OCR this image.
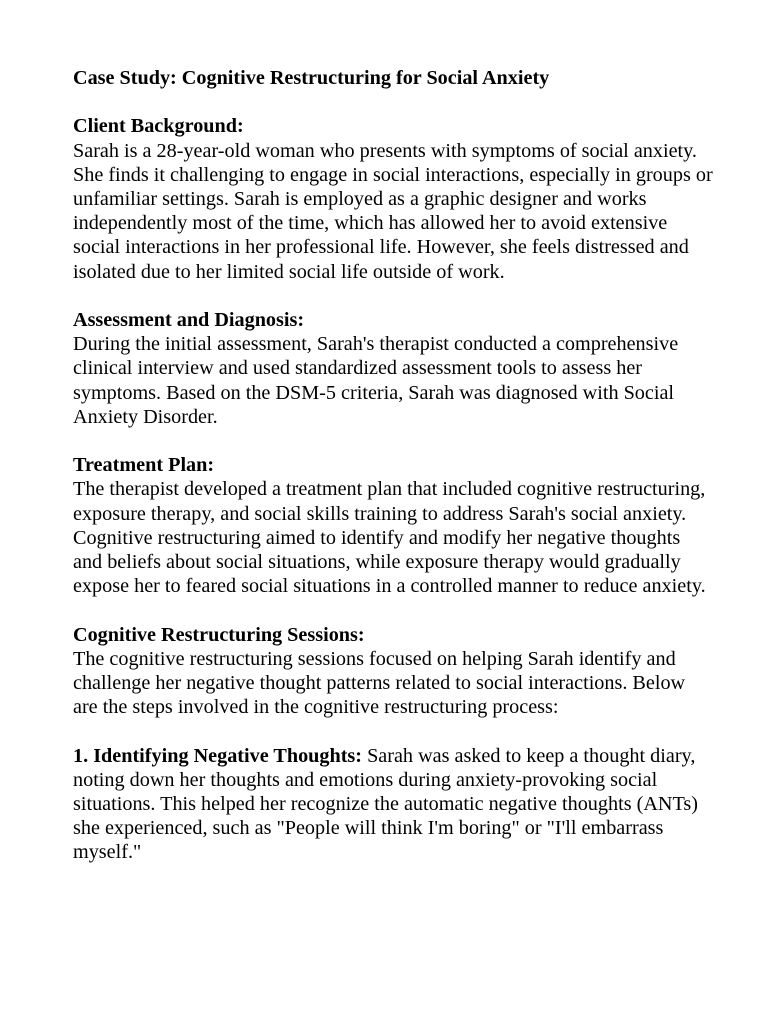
Case Study: Cognitive Restructuring for Social Anxiety

Client Background:
Sarah is a 28-year-old woman who presents with symptoms of social anxiety. She finds it challenging to engage in social interactions, especially in groups or unfamiliar settings. Sarah is employed as a graphic designer and works independently most of the time, which has allowed her to avoid extensive social interactions in her professional life. However, she feels distressed and isolated due to her limited social life outside of work.
Assessment and Diagnosis:
During the initial assessment, Sarah's therapist conducted a comprehensive clinical interview and used standardized assessment tools to assess her symptoms. Based on the DSM-5 criteria, Sarah was diagnosed with Social Anxiety Disorder.
Treatment Plan:
The therapist developed a treatment plan that included cognitive restructuring, exposure therapy, and social skills training to address Sarah's social anxiety. Cognitive restructuring aimed to identify and modify her negative thoughts and beliefs about social situations, while exposure therapy would gradually expose her to feared social situations in a controlled manner to reduce anxiety.
Cognitive Restructuring Sessions:
The cognitive restructuring sessions focused on helping Sarah identify and challenge her negative thought patterns related to social interactions. Below are the steps involved in the cognitive restructuring process:
1. Identifying Negative Thoughts: Sarah was asked to keep a thought diary, noting down her thoughts and emotions during anxiety-provoking social situations. This helped her recognize the automatic negative thoughts (ANTs) she experienced, such as "People will think I'm boring" or "I'll embarrass myself."
